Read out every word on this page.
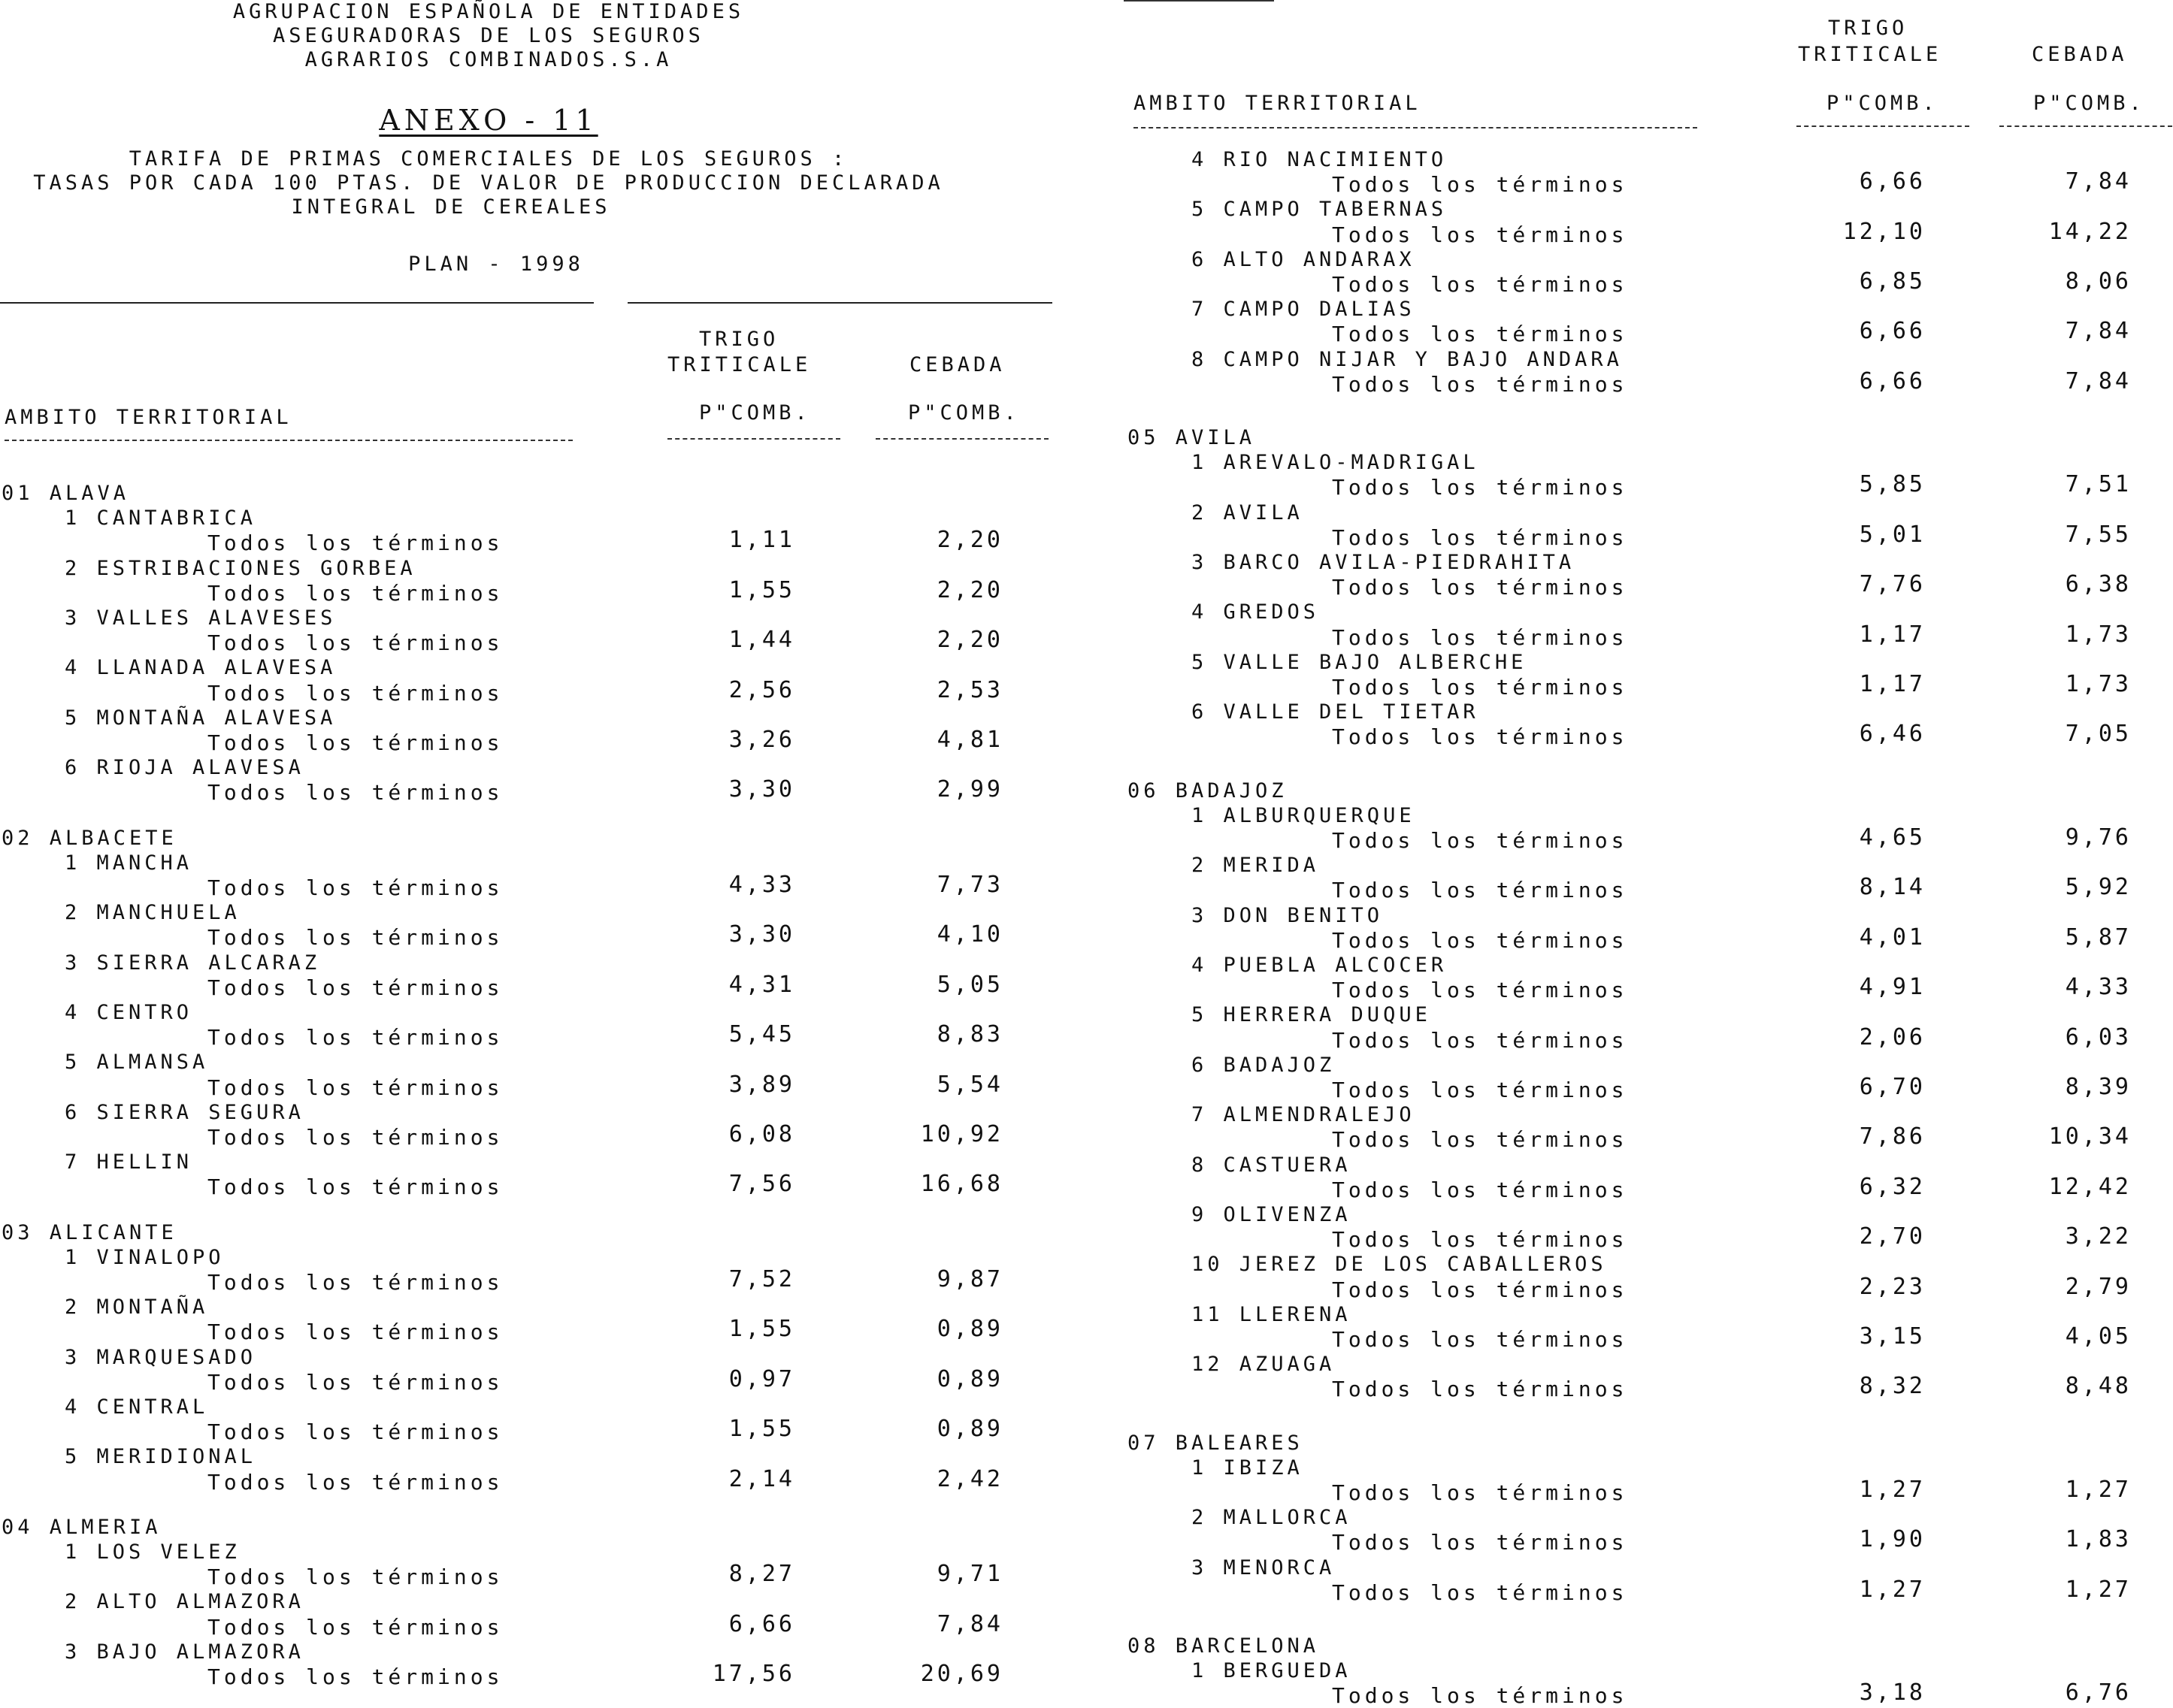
AGRUPACION ESPAÑOLA DE ENTIDADES
ASEGURADORAS DE LOS SEGUROS
AGRARIOS COMBINADOS.S.A
ANEXO - 11
TARIFA DE PRIMAS COMERCIALES DE LOS SEGUROS :
TASAS POR CADA 100 PTAS. DE VALOR DE PRODUCCION DECLARADA
INTEGRAL DE CEREALES
PLAN - 1998
TRIGO
TRITICALE	CEBADA
AMBITO TERRITORIAL	P"COMB.	P"COMB.
TRIGO
TRITICALE	CEBADA
AMBITO TERRITORIAL	P"COMB.	P"COMB.
01 ALAVA
1 CANTABRICA
Todos los términos	1,11	2,20
2 ESTRIBACIONES GORBEA
Todos los términos	1,55	2,20
3 VALLES ALAVESES
Todos los términos	1,44	2,20
4 LLANADA ALAVESA
Todos los términos	2,56	2,53
5 MONTAÑA ALAVESA
Todos los términos	3,26	4,81
6 RIOJA ALAVESA
Todos los términos	3,30	2,99
02 ALBACETE
1 MANCHA
Todos los términos	4,33	7,73
2 MANCHUELA
Todos los términos	3,30	4,10
3 SIERRA ALCARAZ
Todos los términos	4,31	5,05
4 CENTRO
Todos los términos	5,45	8,83
5 ALMANSA
Todos los términos	3,89	5,54
6 SIERRA SEGURA
Todos los términos	6,08	10,92
7 HELLIN
Todos los términos	7,56	16,68
03 ALICANTE
1 VINALOPO
Todos los términos	7,52	9,87
2 MONTAÑA
Todos los términos	1,55	0,89
3 MARQUESADO
Todos los términos	0,97	0,89
4 CENTRAL
Todos los términos	1,55	0,89
5 MERIDIONAL
Todos los términos	2,14	2,42
04 ALMERIA
1 LOS VELEZ
Todos los términos	8,27	9,71
2 ALTO ALMAZORA
Todos los términos	6,66	7,84
3 BAJO ALMAZORA
Todos los términos	17,56	20,69
4 RIO NACIMIENTO
Todos los términos	6,66	7,84
5 CAMPO TABERNAS
Todos los términos	12,10	14,22
6 ALTO ANDARAX
Todos los términos	6,85	8,06
7 CAMPO DALIAS
Todos los términos	6,66	7,84
8 CAMPO NIJAR Y BAJO ANDARA
Todos los términos	6,66	7,84
05 AVILA
1 AREVALO-MADRIGAL
Todos los términos	5,85	7,51
2 AVILA
Todos los términos	5,01	7,55
3 BARCO AVILA-PIEDRAHITA
Todos los términos	7,76	6,38
4 GREDOS
Todos los términos	1,17	1,73
5 VALLE BAJO ALBERCHE
Todos los términos	1,17	1,73
6 VALLE DEL TIETAR
Todos los términos	6,46	7,05
06 BADAJOZ
1 ALBURQUERQUE
Todos los términos	4,65	9,76
2 MERIDA
Todos los términos	8,14	5,92
3 DON BENITO
Todos los términos	4,01	5,87
4 PUEBLA ALCOCER
Todos los términos	4,91	4,33
5 HERRERA DUQUE
Todos los términos	2,06	6,03
6 BADAJOZ
Todos los términos	6,70	8,39
7 ALMENDRALEJO
Todos los términos	7,86	10,34
8 CASTUERA
Todos los términos	6,32	12,42
9 OLIVENZA
Todos los términos	2,70	3,22
10 JEREZ DE LOS CABALLEROS
Todos los términos	2,23	2,79
11 LLERENA
Todos los términos	3,15	4,05
12 AZUAGA
Todos los términos	8,32	8,48
07 BALEARES
1 IBIZA
Todos los términos	1,27	1,27
2 MALLORCA
Todos los términos	1,90	1,83
3 MENORCA
Todos los términos	1,27	1,27
08 BARCELONA
1 BERGUEDA
Todos los términos	3,18	6,76
